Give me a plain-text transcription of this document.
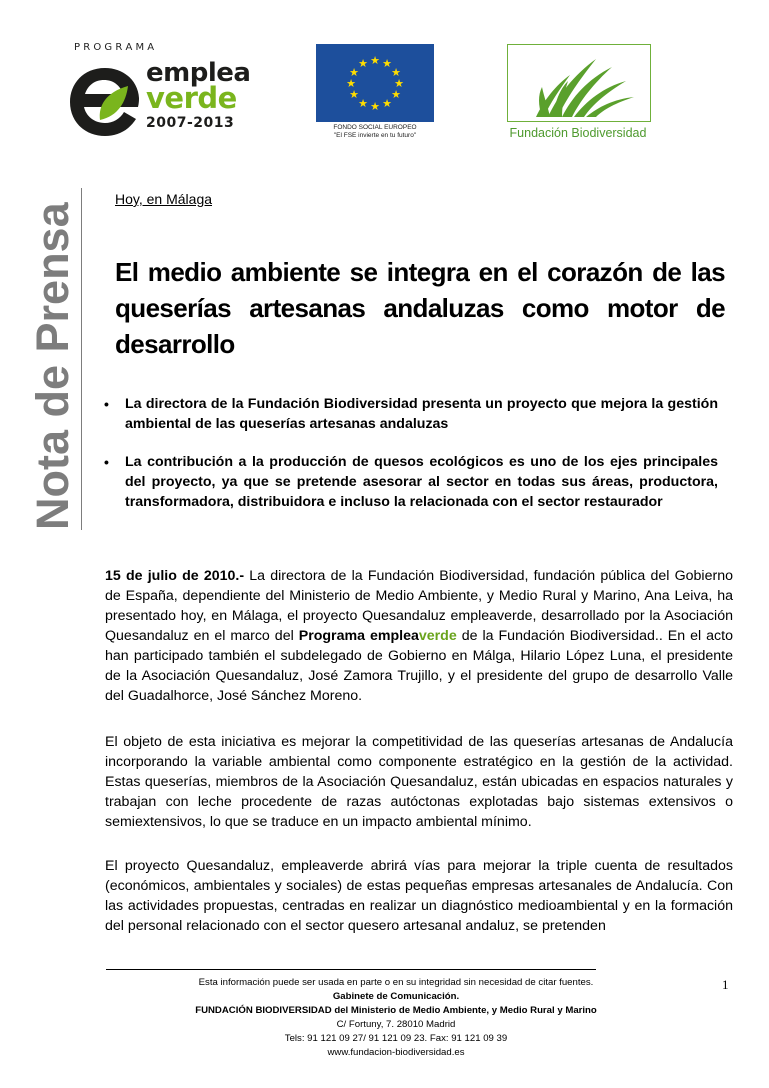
P R O G R A M A
emplea
verde
2007-2013
★ ★
★
★
★
★
★
★
★
★
★
★
FONDO SOCIAL EUROPEO
"El FSE invierte en tu futuro"	Fundación Biodiversidad
Nota de Prensa
Hoy, en Málaga
El medio ambiente se integra en el corazón de las queserías artesanas andaluzas como motor de desarrollo
• La directora de la Fundación Biodiversidad presenta un proyecto que mejora la gestión ambiental de las queserías artesanas andaluzas
• La contribución a la producción de quesos ecológicos es uno de los ejes principales del proyecto, ya que se pretende asesorar al sector en todas sus áreas, productora, transformadora, distribuidora e incluso la relacionada con el sector restaurador

15 de julio de 2010.- La directora de la Fundación Biodiversidad, fundación pública del Gobierno de España, dependiente del Ministerio de Medio Ambiente, y Medio Rural y Marino, Ana Leiva, ha presentado hoy, en Málaga, el proyecto Quesandaluz empleaverde, desarrollado por la Asociación Quesandaluz en el marco del Programa empleaverde de la Fundación Biodiversidad.. En el acto han participado también el subdelegado de Gobierno en Málga, Hilario López Luna, el presidente de la Asociación Quesandaluz, José Zamora Trujillo, y el presidente del grupo de desarrollo Valle del Guadalhorce, José Sánchez Moreno.

El objeto de esta iniciativa es mejorar la competitividad de las queserías artesanas de Andalucía incorporando la variable ambiental como componente estratégico en la gestión de la actividad. Estas queserías, miembros de la Asociación Quesandaluz, están ubicadas en espacios naturales y trabajan con leche procedente de razas autóctonas explotadas bajo sistemas extensivos o semiextensivos, lo que se traduce en un impacto ambiental mínimo.

El proyecto Quesandaluz, empleaverde abrirá vías para mejorar la triple cuenta de resultados (económicos, ambientales y sociales) de estas pequeñas empresas artesanales de Andalucía. Con las actividades propuestas, centradas en realizar un diagnóstico medioambiental y en la formación del personal relacionado con el sector quesero artesanal andaluz, se pretenden

Esta información puede ser usada en parte o en su integridad sin necesidad de citar fuentes.
Gabinete de Comunicación.
FUNDACIÓN BIODIVERSIDAD del Ministerio de Medio Ambiente, y Medio Rural y Marino
C/ Fortuny, 7. 28010 Madrid
Tels: 91 121 09 27/ 91 121 09 23. Fax: 91 121 09 39
www.fundacion-biodiversidad.es
1
